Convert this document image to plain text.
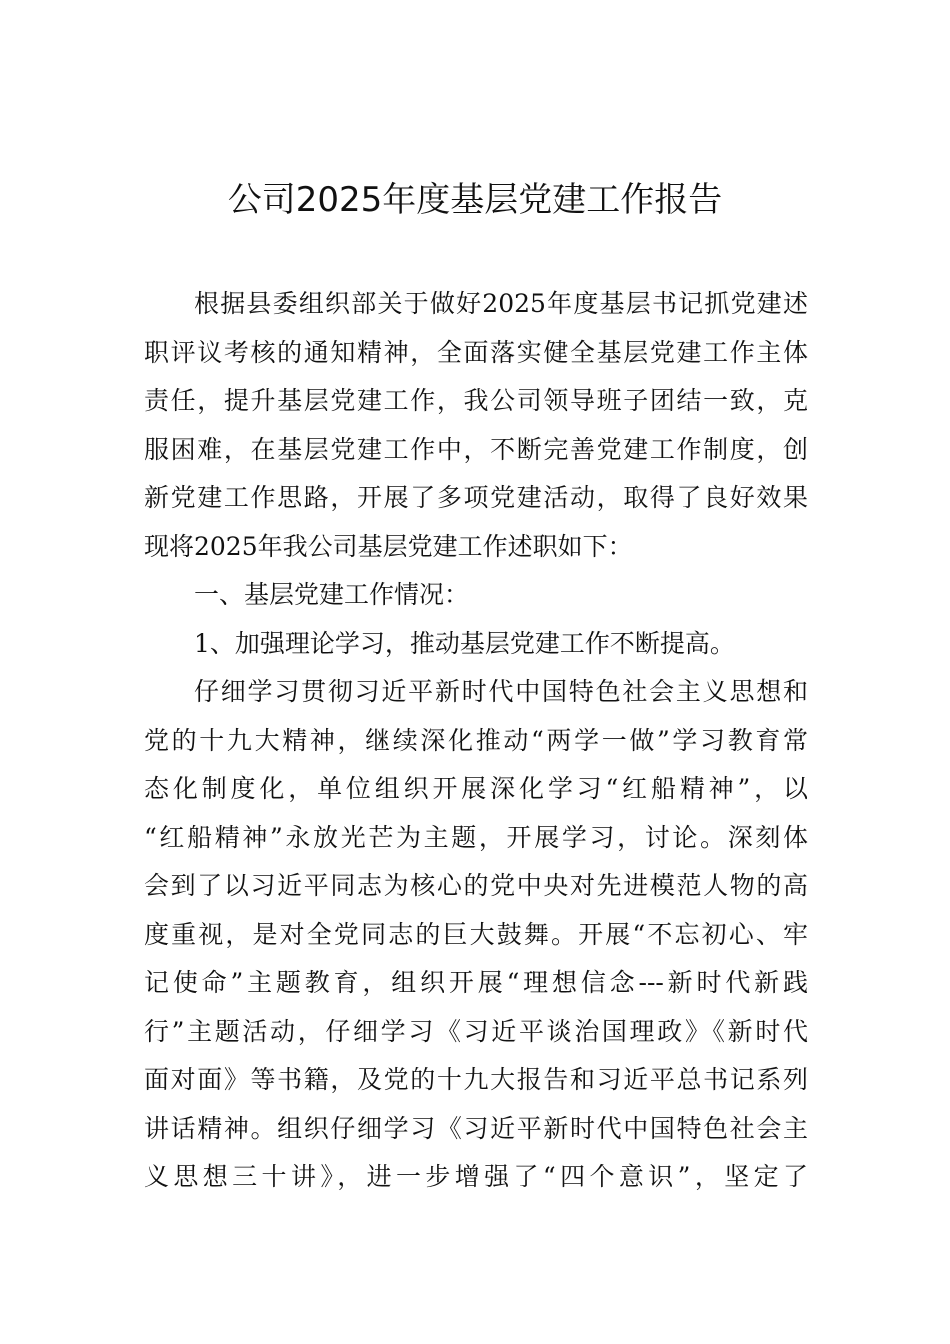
公司2025年度基层党建工作报告
根据县委组织部关于做好2025年度基层书记抓党建述
职评议考核的通知精神，全面落实健全基层党建工作主体
责任，提升基层党建工作，我公司领导班子团结一致，克
服困难，在基层党建工作中，不断完善党建工作制度，创
新党建工作思路，开展了多项党建活动，取得了良好效果
现将2025年我公司基层党建工作述职如下：
一、基层党建工作情况：
1、加强理论学习，推动基层党建工作不断提高。
仔细学习贯彻习近平新时代中国特色社会主义思想和
党的十九大精神，继续深化推动“两学一做”学习教育常
态化制度化，单位组织开展深化学习“红船精神”，以
“红船精神”永放光芒为主题，开展学习，讨论。深刻体
会到了以习近平同志为核心的党中央对先进模范人物的高
度重视，是对全党同志的巨大鼓舞。开展“不忘初心、牢
记使命”主题教育，组织开展“理想信念---新时代新践
行”主题活动，仔细学习《习近平谈治国理政》《新时代
面对面》等书籍，及党的十九大报告和习近平总书记系列
讲话精神。组织仔细学习《习近平新时代中国特色社会主
义思想三十讲》，进一步增强了“四个意识”，坚定了
